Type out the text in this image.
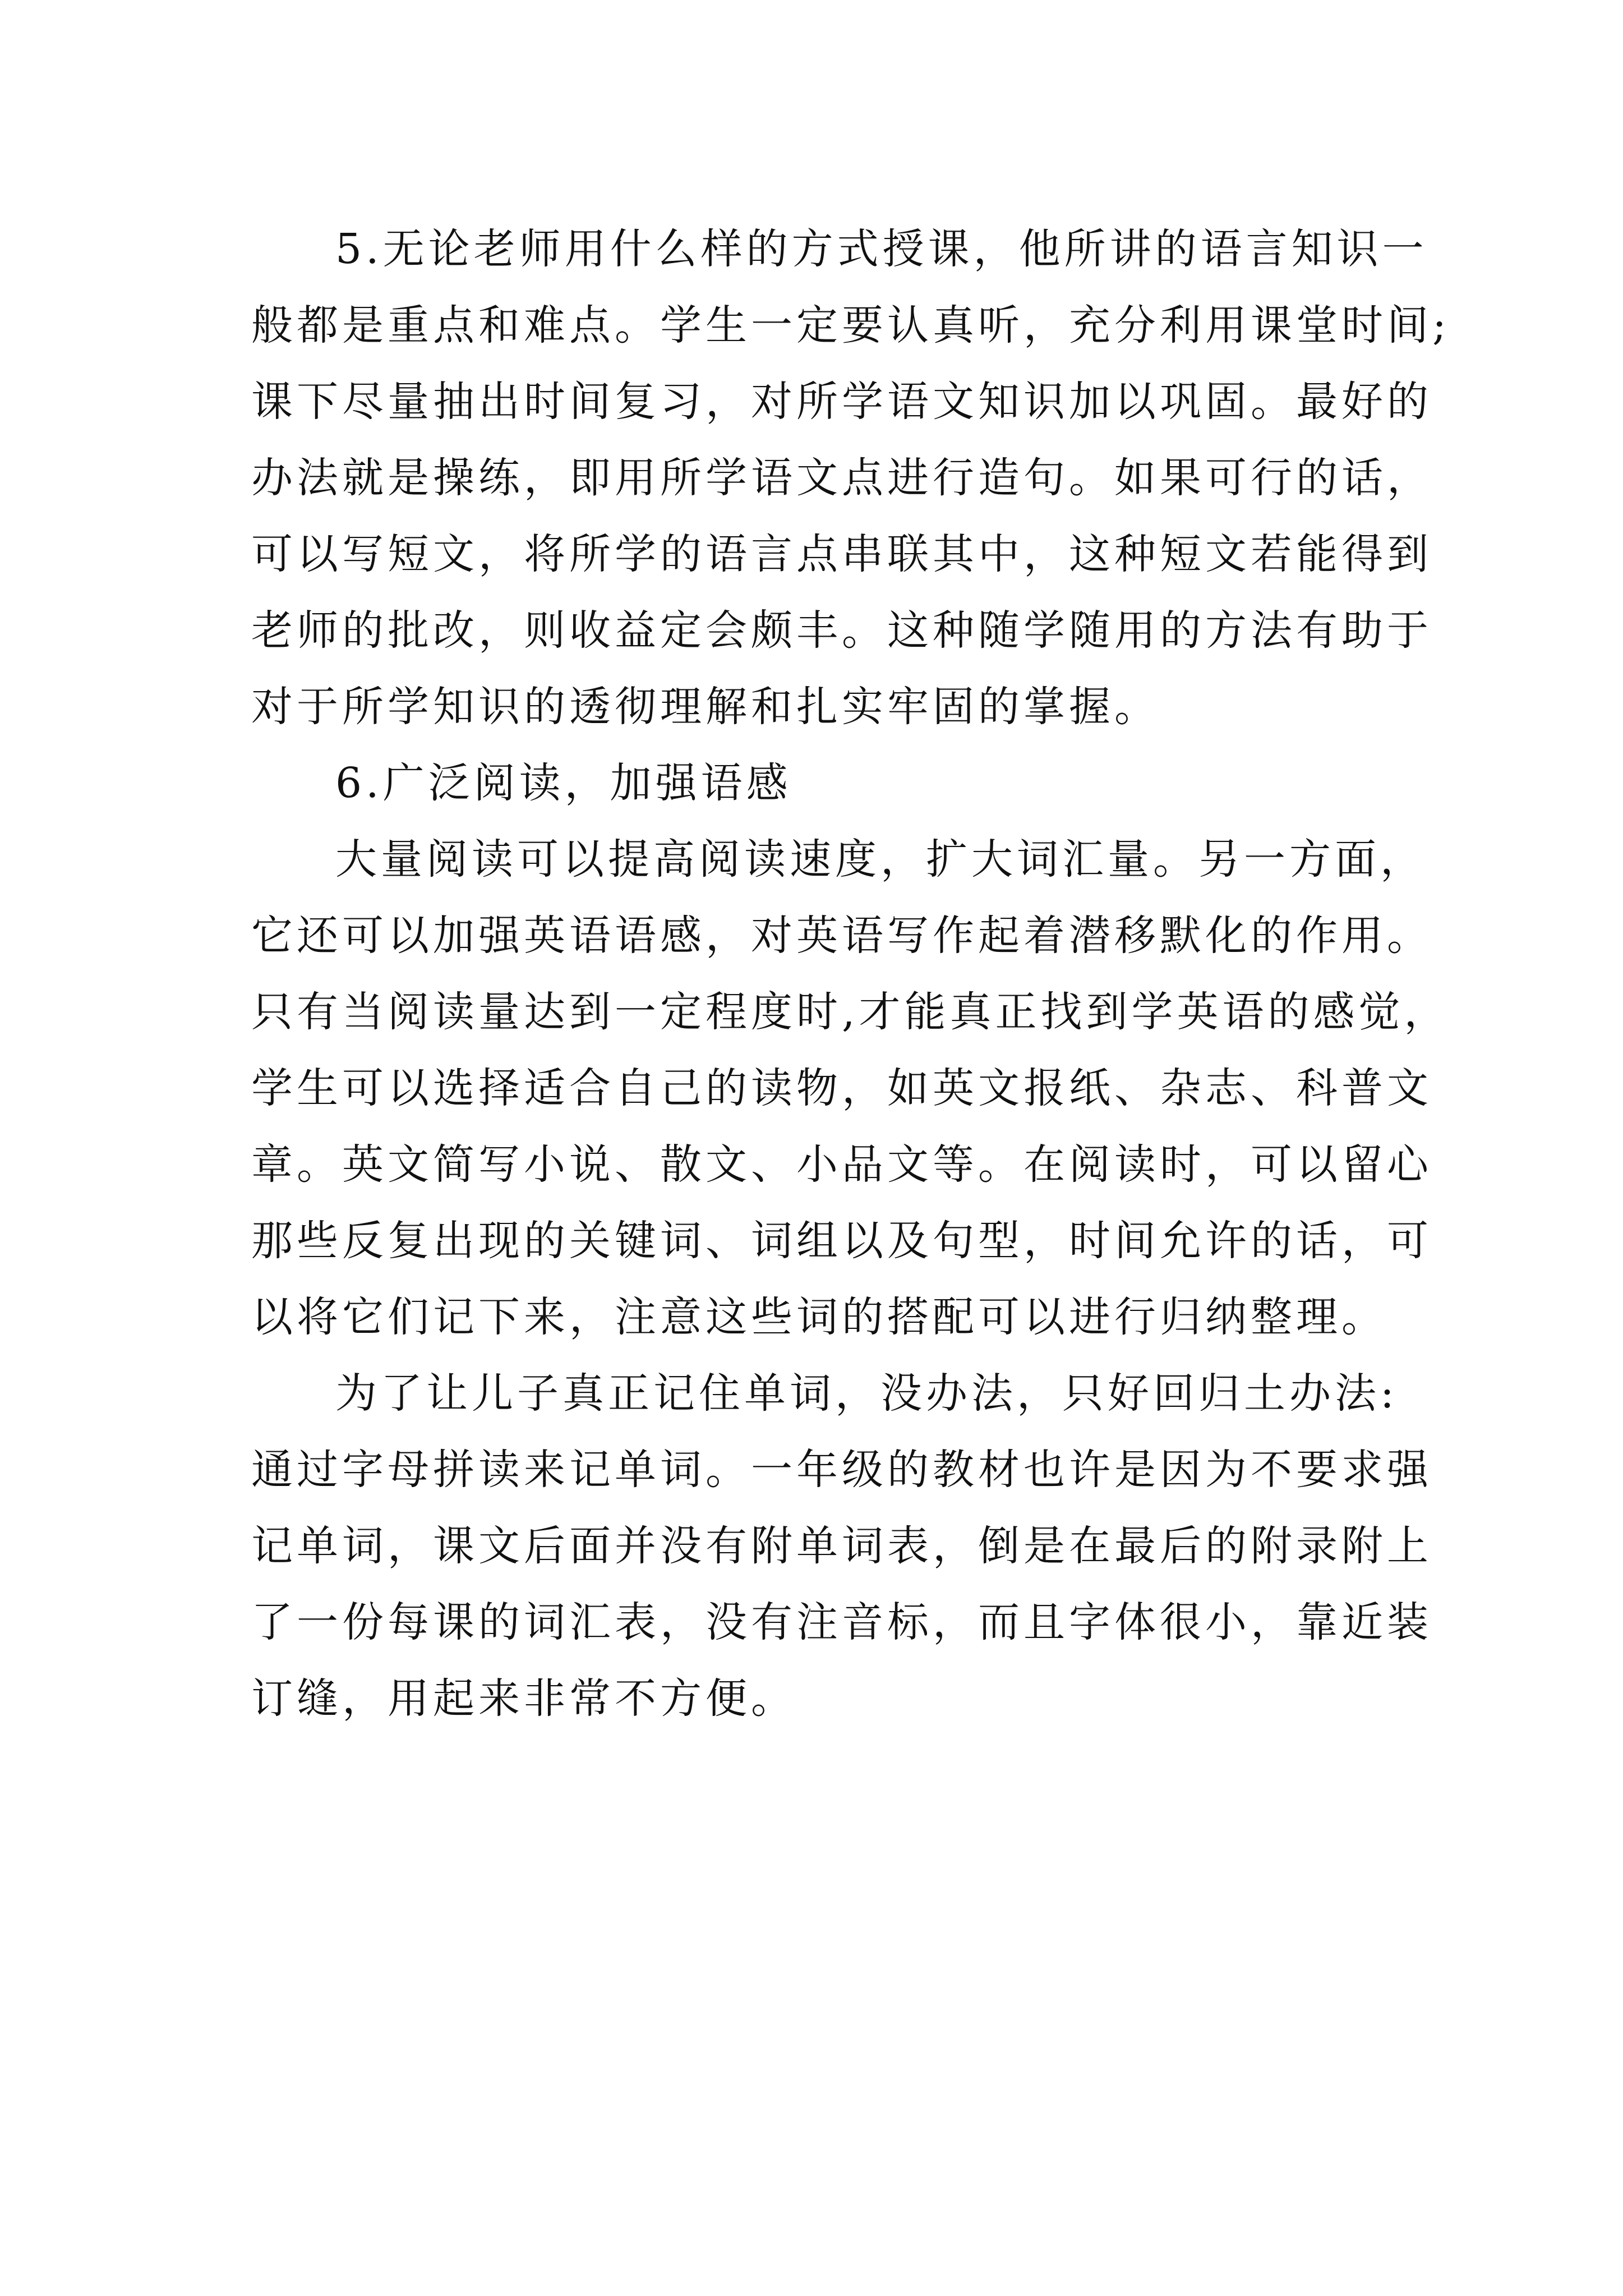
5.无论老师用什么样的方式授课，他所讲的语言知识一
般都是重点和难点。学生一定要认真听，充分利用课堂时间;
课下尽量抽出时间复习，对所学语文知识加以巩固。最好的
办法就是操练，即用所学语文点进行造句。如果可行的话，
可以写短文，将所学的语言点串联其中，这种短文若能得到
老师的批改，则收益定会颇丰。这种随学随用的方法有助于
对于所学知识的透彻理解和扎实牢固的掌握。
6.广泛阅读，加强语感
大量阅读可以提高阅读速度，扩大词汇量。另一方面，
它还可以加强英语语感，对英语写作起着潜移默化的作用。
只有当阅读量达到一定程度时,才能真正找到学英语的感觉，
学生可以选择适合自己的读物，如英文报纸、杂志、科普文
章。英文简写小说、散文、小品文等。在阅读时，可以留心
那些反复出现的关键词、词组以及句型，时间允许的话，可
以将它们记下来，注意这些词的搭配可以进行归纳整理。
为了让儿子真正记住单词，没办法，只好回归土办法:
通过字母拼读来记单词。一年级的教材也许是因为不要求强
记单词，课文后面并没有附单词表，倒是在最后的附录附上
了一份每课的词汇表，没有注音标，而且字体很小，靠近装
订缝，用起来非常不方便。
